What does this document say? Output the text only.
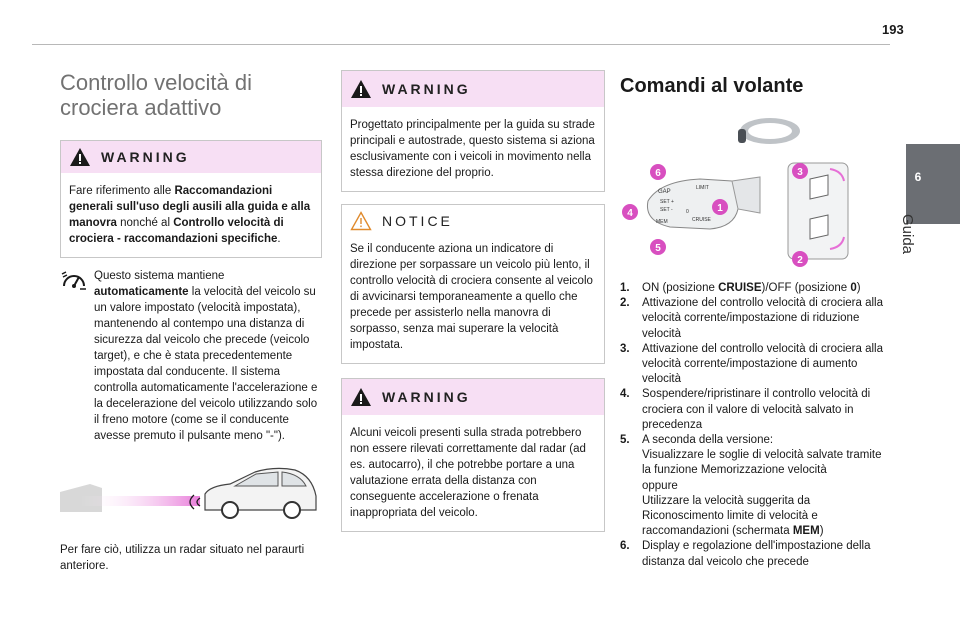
193
6
Guida
Controllo velocità di crociera adattivo
WARNING
Fare riferimento alle Raccomandazioni generali sull'uso degli ausili alla guida e alla manovra nonché al Controllo velocità di crociera - raccomandazioni specifiche.
Questo sistema mantiene automaticamente la velocità del veicolo su un valore impostato (velocità impostata), mantenendo al contempo una distanza di sicurezza dal veicolo che precede (veicolo target), e che è stata precedentemente impostata dal conducente. Il sistema controlla automaticamente l'accelerazione e la decelerazione del veicolo utilizzando solo il freno motore (come se il conducente avesse premuto il pulsante meno "-").
Per fare ciò, utilizza un radar situato nel paraurti anteriore.
WARNING
Progettato principalmente per la guida su strade principali e autostrade, questo sistema si aziona esclusivamente con i veicoli in movimento nella stessa direzione del proprio.
NOTICE
Se il conducente aziona un indicatore di direzione per sorpassare un veicolo più lento, il controllo velocità di crociera consente al veicolo di avvicinarsi temporaneamente a quello che precede per assisterlo nella manovra di sorpasso, senza mai superare la velocità impostata.
WARNING
Alcuni veicoli presenti sulla strada potrebbero non essere rilevati correttamente dal radar (ad es. autocarro), il che potrebbe portare a una valutazione errata della distanza con conseguente accelerazione o frenata inappropriata del veicolo.
Comandi al volante
GAP
LIMIT
SET +
SET -
MEM	CRUISE
0
6
4
5
1
3
2
1.	ON (posizione CRUISE)/OFF (posizione 0)
2.	Attivazione del controllo velocità di crociera alla velocità corrente/impostazione di riduzione velocità
3.	Attivazione del controllo velocità di crociera alla velocità corrente/impostazione di aumento velocità
4.	Sospendere/ripristinare il controllo velocità di crociera con il valore di velocità salvato in precedenza
5.	A seconda della versione:
Visualizzare le soglie di velocità salvate tramite la funzione Memorizzazione velocità
oppure
Utilizzare la velocità suggerita da Riconoscimento limite di velocità e raccomandazioni (schermata MEM)
6.	Display e regolazione dell'impostazione della distanza dal veicolo che precede
